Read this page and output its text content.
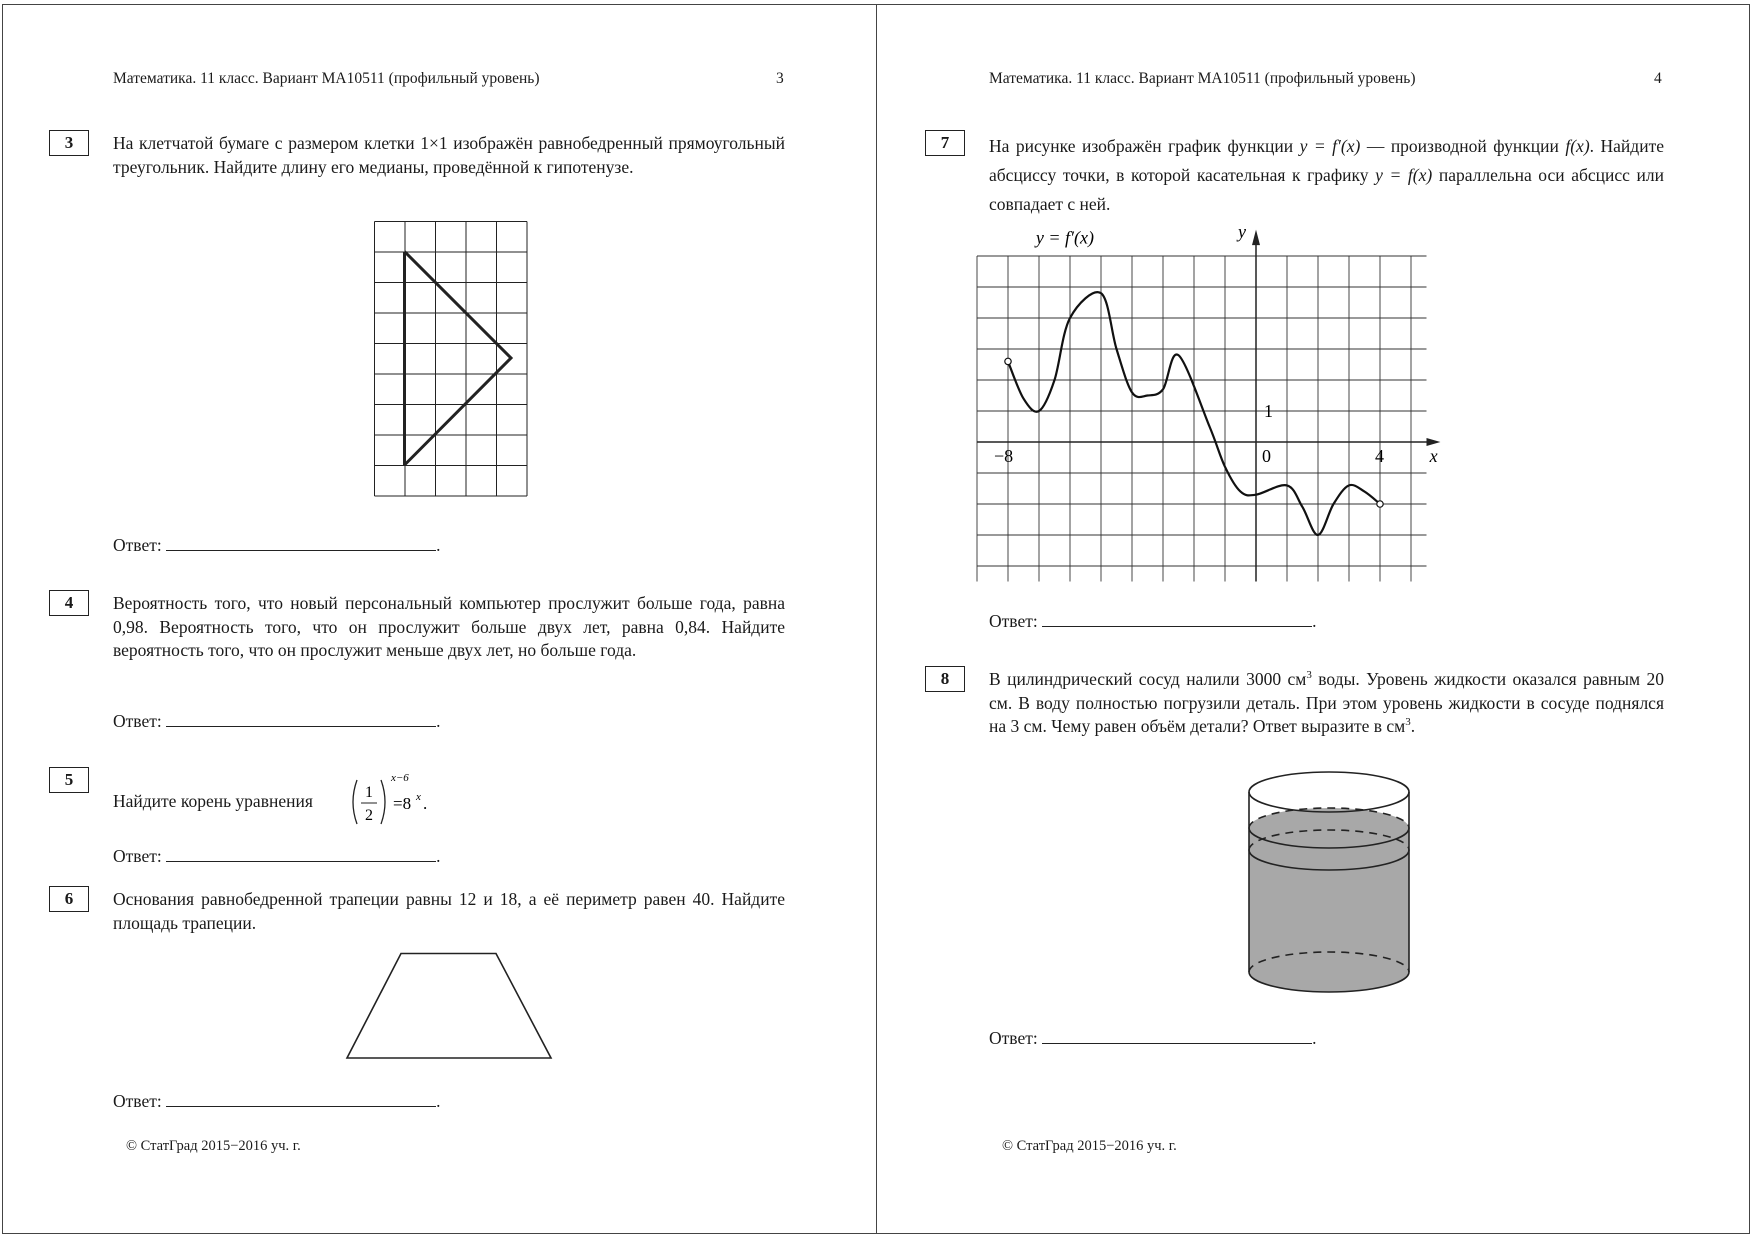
Математика. 11 класс. Вариант МА10511 (профильный уровень)	3
3	На клетчатой бумаге с размером клетки 1×1 изображён равнобедренный прямоугольный треугольник. Найдите длину его медианы, проведённой к гипотенузе.
Ответ:	.
4	Вероятность того, что новый персональный компьютер прослужит больше года, равна 0,98. Вероятность того, что он прослужит больше двух лет, равна 0,84. Найдите вероятность того, что он прослужит меньше двух лет, но больше года.
Ответ:	.
5
Найдите корень уравнения	1
2
x−6
=8 x .
Ответ:	.
6	Основания равнобедренной трапеции равны 12 и 18, а её периметр равен 40. Найдите площадь трапеции.
Ответ:	.
© СтатГрад 2015−2016 уч. г.
Математика. 11 класс. Вариант МА10511 (профильный уровень)	4
7	На рисунке изображён график функции y = f′(x) — производной функции f(x). Найдите абсциссу точки, в которой касательная к графику y = f(x) параллельна оси абсцисс или совпадает с ней.
−8	0	4
1
x
y
y = f′(x)
Ответ:	.
8	В цилиндрический сосуд налили 3000 $см^3$ воды. Уровень жидкости оказался равным 20 см. В воду полностью погрузили деталь. При этом уровень жидкости в сосуде поднялся на 3 см. Чему равен объём детали? Ответ выразите в $см^3$.
Ответ:	.
© СтатГрад 2015−2016 уч. г.
